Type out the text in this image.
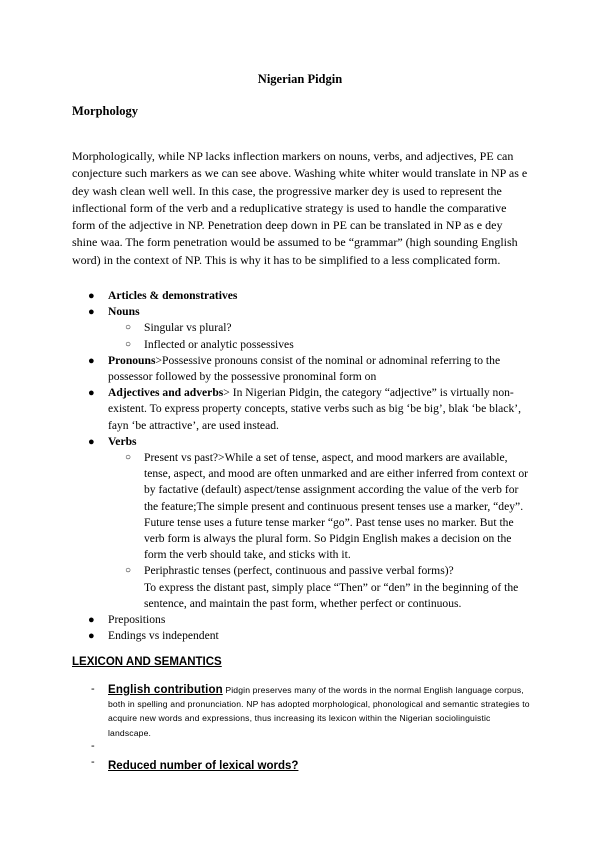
Nigerian Pidgin
Morphology

Morphologically, while NP lacks inflection markers on nouns, verbs, and adjectives, PE can conjecture such markers as we can see above. Washing white whiter would translate in NP as e dey wash clean well well. In this case, the progressive marker dey is used to represent the inflectional form of the verb and a reduplicative strategy is used to handle the comparative form of the adjective in NP. Penetration deep down in PE can be translated in NP as e dey shine waa. The form penetration would be assumed to be “grammar” (high sounding English word) in the context of NP. This is why it has to be simplified to a less complicated form.

● Articles & demonstratives
● Nouns
○ Singular vs plural?
○ Inflected or analytic possessives
● Pronouns>Possessive pronouns consist of the nominal or adnominal referring to the possessor followed by the possessive pronominal form on
● Adjectives and adverbs> In Nigerian Pidgin, the category “adjective” is virtually non-existent. To express property concepts, stative verbs such as big ‘be big’, blak ‘be black’, fayn ‘be attractive’, are used instead.
● Verbs
○ Present vs past?>While a set of tense, aspect, and mood markers are available, tense, aspect, and mood are often unmarked and are either inferred from context or by factative (default) aspect/tense assignment according the value of the verb for the feature;The simple present and continuous present tenses use a marker, “dey”. Future tense uses a future tense marker “go”. Past tense uses no marker. But the verb form is always the plural form. So Pidgin English makes a decision on the form the verb should take, and sticks with it.
○ Periphrastic tenses (perfect, continuous and passive verbal forms)?
To express the distant past, simply place “Then” or “den” in the beginning of the sentence, and maintain the past form, whether perfect or continuous.
● Prepositions
● Endings vs independent
LEXICON AND SEMANTICS
- English contribution Pidgin preserves many of the words in the normal English language corpus, both in spelling and pronunciation. NP has adopted morphological, phonological and semantic strategies to acquire new words and expressions, thus increasing its lexicon within the Nigerian sociolinguistic landscape.
-
- Reduced number of lexical words?
